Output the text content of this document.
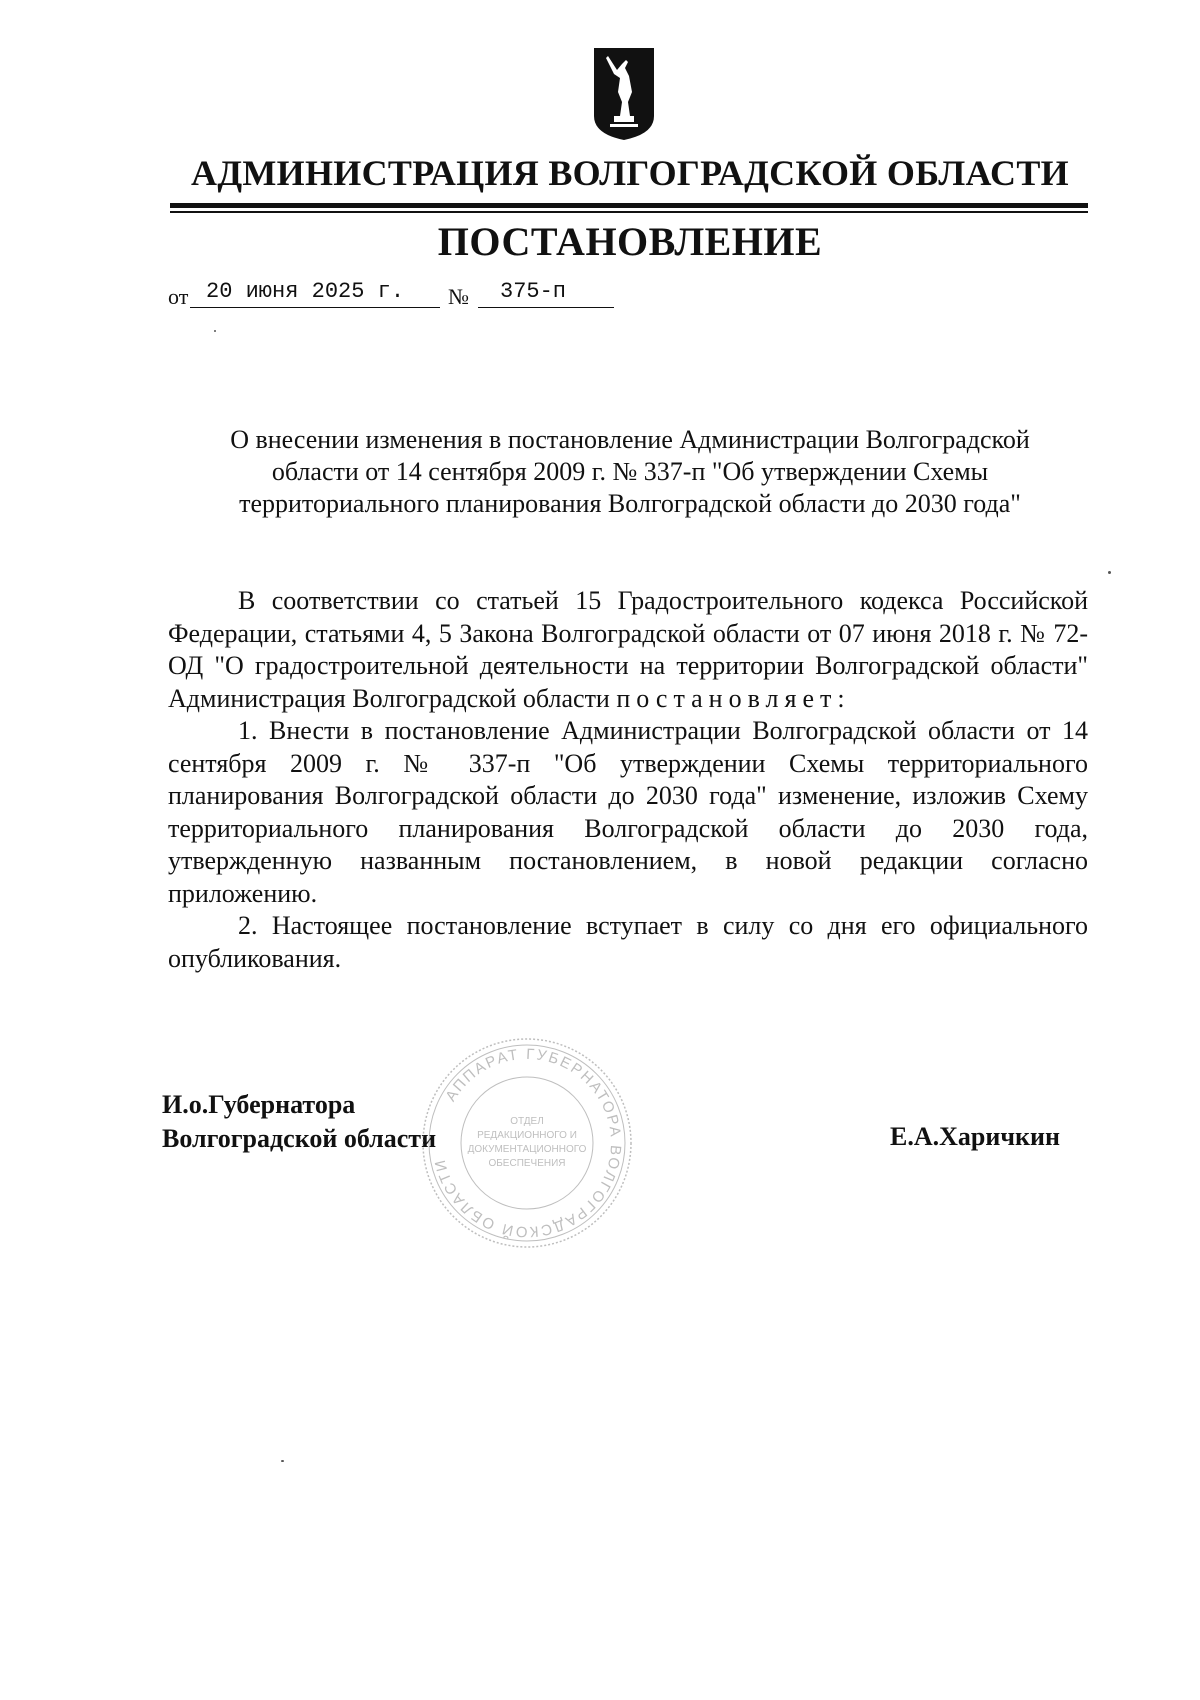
АДМИНИСТРАЦИЯ ВОЛГОГРАДСКОЙ ОБЛАСТИ
ПОСТАНОВЛЕНИЕ
от 20 июня 2025 г.	№	375-п
О внесении изменения в постановление Администрации Волгоградской
области от 14 сентября 2009 г. № 337-п "Об утверждении Схемы
территориального планирования Волгоградской области до 2030 года"

В соответствии со статьей 15 Градостроительного кодекса Российской Федерации, статьями 4, 5 Закона Волгоградской области от 07 июня 2018 г. № 72-ОД "О градостроительной деятельности на территории Волгоградской области" Администрация Волгоградской области постановляет:

1. Внести в постановление Администрации Волгоградской области от 14 сентября 2009 г. № 337-п "Об утверждении Схемы территориального планирования Волгоградской области до 2030 года" изменение, изложив Схему территориального планирования Волгоградской области до 2030 года, утвержденную названным постановлением, в новой редакции согласно приложению.

2. Настоящее постановление вступает в силу со дня его официального опубликования.

И.о.Губернатора
Волгоградской области	Е.А.Харичкин
АППАРАТ ГУБЕРНАТОРА ВОЛГОГРАДСКОЙ ОБЛАСТИ
ОТДЕЛ
РЕДАКЦИОННОГО И
ДОКУМЕНТАЦИОННОГО
ОБЕСПЕЧЕНИЯ
